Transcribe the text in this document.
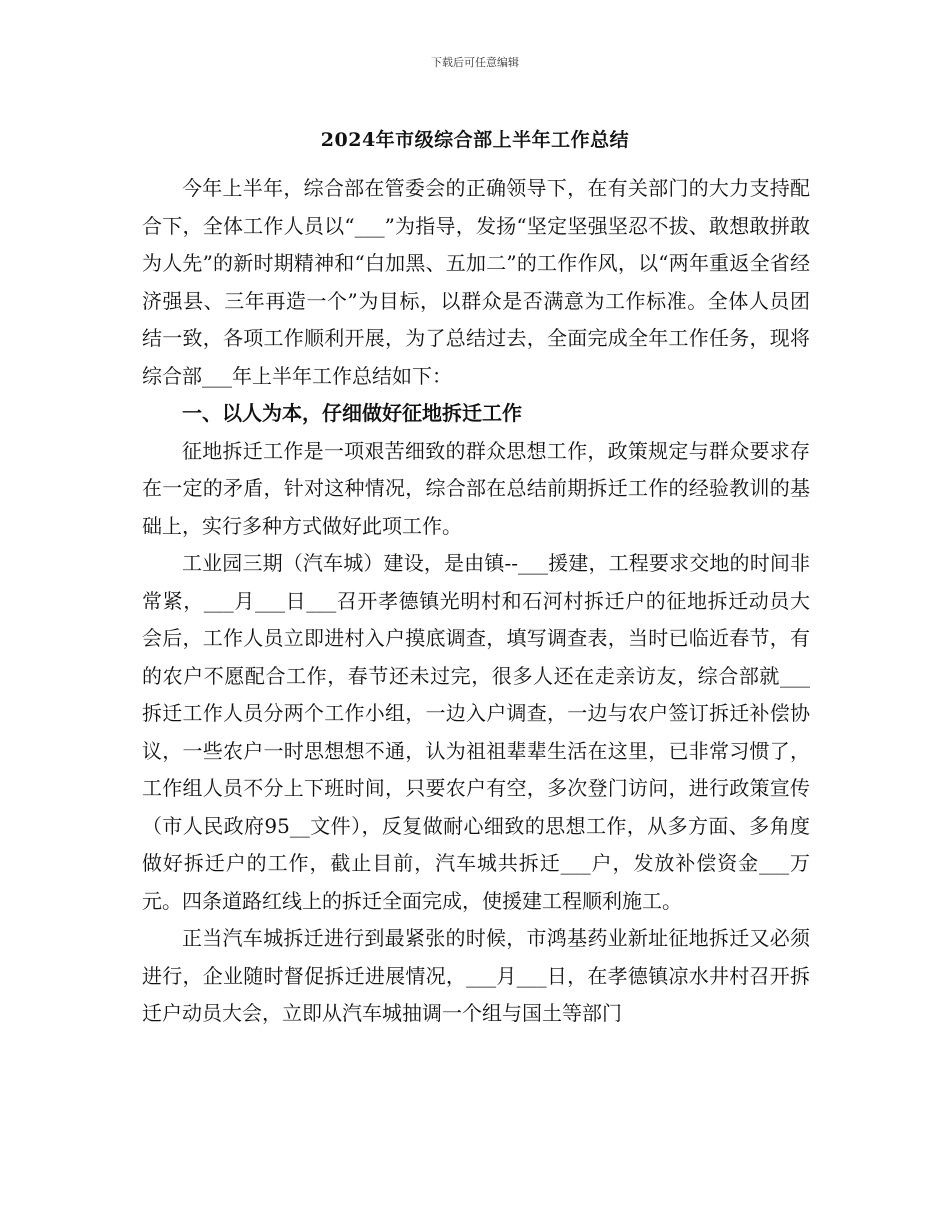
下载后可任意编辑
2024年市级综合部上半年工作总结

今年上半年，综合部在管委会的正确领导下，在有关部门的大力支持配合下，全体工作人员以“___”为指导，发扬“坚定坚强坚忍不拔、敢想敢拼敢为人先”的新时期精神和“白加黑、五加二”的工作作风，以“两年重返全省经济强县、三年再造一个”为目标，以群众是否满意为工作标准。全体人员团结一致，各项工作顺利开展，为了总结过去，全面完成全年工作任务，现将综合部___年上半年工作总结如下：

一、以人为本，仔细做好征地拆迁工作

征地拆迁工作是一项艰苦细致的群众思想工作，政策规定与群众要求存在一定的矛盾，针对这种情况，综合部在总结前期拆迁工作的经验教训的基础上，实行多种方式做好此项工作。

工业园三期（汽车城）建设，是由镇--___援建，工程要求交地的时间非常紧，___月___日___召开孝德镇光明村和石河村拆迁户的征地拆迁动员大会后，工作人员立即进村入户摸底调查，填写调查表，当时已临近春节，有的农户不愿配合工作，春节还未过完，很多人还在走亲访友，综合部就___拆迁工作人员分两个工作小组，一边入户调查，一边与农户签订拆迁补偿协议，一些农户一时思想想不通，认为祖祖辈辈生活在这里，已非常习惯了，工作组人员不分上下班时间，只要农户有空，多次登门访问，进行政策宣传（市人民政府95__文件），反复做耐心细致的思想工作，从多方面、多角度做好拆迁户的工作，截止目前，汽车城共拆迁___户，发放补偿资金___万元。四条道路红线上的拆迁全面完成，使援建工程顺利施工。

正当汽车城拆迁进行到最紧张的时候，市鸿基药业新址征地拆迁又必须进行，企业随时督促拆迁进展情况，___月___日，在孝德镇凉水井村召开拆迁户动员大会，立即从汽车城抽调一个组与国土等部门
